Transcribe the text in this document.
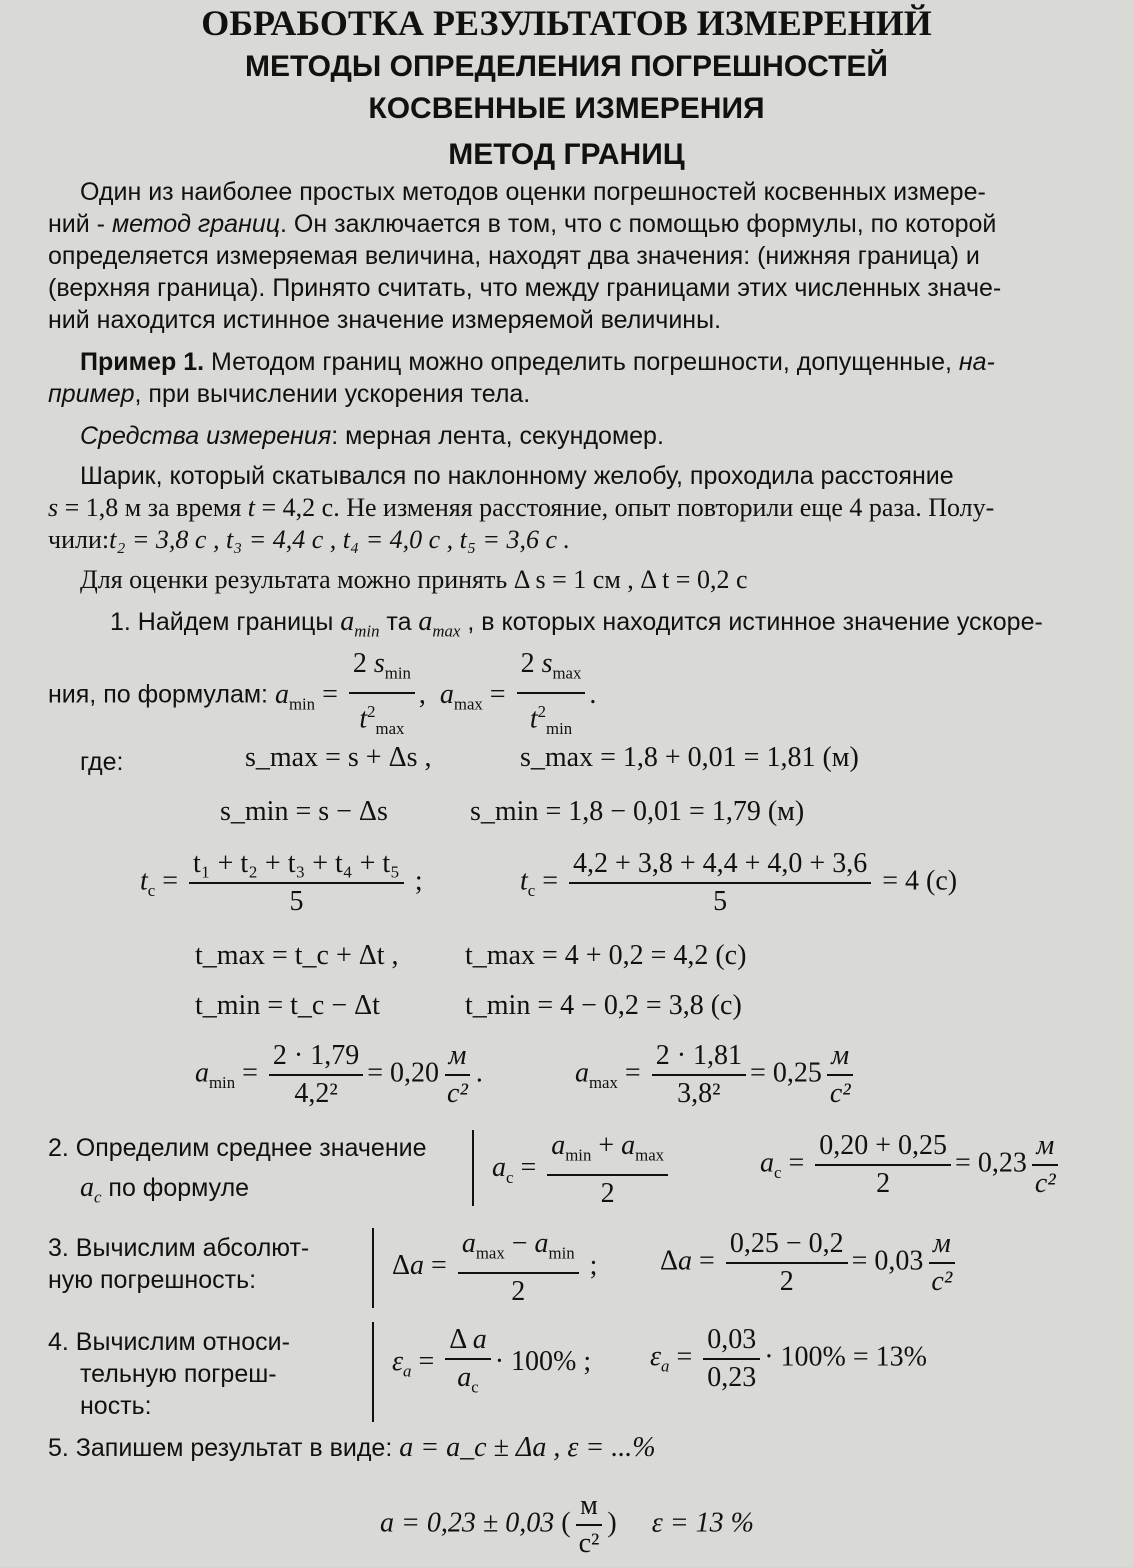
ОБРАБОТКА РЕЗУЛЬТАТОВ ИЗМЕРЕНИЙ
МЕТОДЫ ОПРЕДЕЛЕНИЯ ПОГРЕШНОСТЕЙ
КОСВЕННЫЕ ИЗМЕРЕНИЯ
МЕТОД ГРАНИЦ
Один из наиболее простых методов оценки погрешностей косвенных измере-
ний - метод границ. Он заключается в том, что с помощью формулы, по которой
определяется измеряемая величина, находят два значения: (нижняя граница) и
(верхняя граница). Принято считать, что между границами этих численных значе-
ний находится истинное значение измеряемой величины.
Пример 1. Методом границ можно определить погрешности, допущенные, на-
пример, при вычислении ускорения тела.
Средства измерения: мерная лента, секундомер.
Шарик, который скатывался по наклонному желобу, проходила расстояние
s = 1,8 м за время t = 4,2 с. Не изменяя расстояние, опыт повторили еще 4 раза. Полу-
чили:t₂ = 3,8 c , t₃ = 4,4 c , t₄ = 4,0 c , t₅ = 3,6 c .
Для оценки результата можно принять Δ s = 1 см , Δ t = 0,2 c
1. Найдем границы $a_{min}$ та $a_{max}$ , в которых находится истинное значение ускоре-
ния, по формулам: $a_{min} = \frac{2 s_{min}}{t^2_{max}}$ ,  $a_{max} = \frac{2 s_{max}}{t^2_{min}}$ .
где:	s_max = s + Δs ,	s_max = 1,8 + 0,01 = 1,81 (м)
s_min = s − Δs	s_min = 1,8 − 0,01 = 1,79 (м)
$t_c = \frac{\text{t₁ + t₂ + t₃ + t₄ + t₅}}{5}$ ;	$t_c = \frac{4,2 + 3,8 + 4,4 + 4,0 + 3,6}{5} = 4$ (с)
t_max = t_c + Δt , t_max = 4 + 0,2 = 4,2 (с)
t_min = t_c − Δt	t_min = 4 − 0,2 = 3,8 (с)
$a_{min} = \frac{2 \cdot 1,79}{\text{4,2²}} = 0,20 \frac{м}{\text{c²}}$ .	$a_{max} = \frac{2 \cdot 1,81}{\text{3,8²}} = 0,25 \frac{м}{\text{c²}}$
2. Определим среднее значение
$a_c$ по формуле
$a_c = \frac{a_{min} + a_{max}}{2}$	$a_c = \frac{0,20 + 0,25}{2} = 0,23 \frac{м}{\text{c²}}$
3. Вычислим абсолют-
ную погрешность:	$\Delta a = \frac{a_{max} - a_{min}}{2}$ ; $\Delta a = \frac{0,25 - 0,2}{2} = 0,03 \frac{м}{\text{c²}}$
4. Вычислим относи-
тельную погреш-
ность:
$\varepsilon_a = \frac{\text{Δ a}}{a_c} \cdot 100\%$ ; $\varepsilon_a = \frac{0,03}{0,23} \cdot 100\% = 13\%$
5. Запишем результат в виде: a = a_c ± Δa , ε = ...%
a = 0,23 ± 0,03 ( $\frac{м}{\text{c²}}$ )     ε = 13 %
